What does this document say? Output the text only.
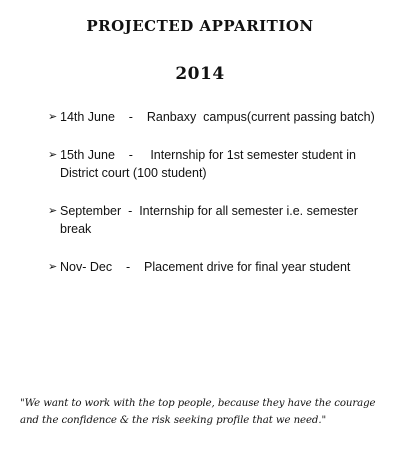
PROJECTED APPARITION
2014
➢ 14th June    -    Ranbaxy  campus(current passing batch)
➢ 15th June    -     Internship for 1st semester student in District court (100 student)
➢ September  -  Internship for all semester i.e. semester break
➢ Nov- Dec    -    Placement drive for final year student

"We want to work with the top people, because they have the courage and the confidence & the risk seeking profile that we need."
